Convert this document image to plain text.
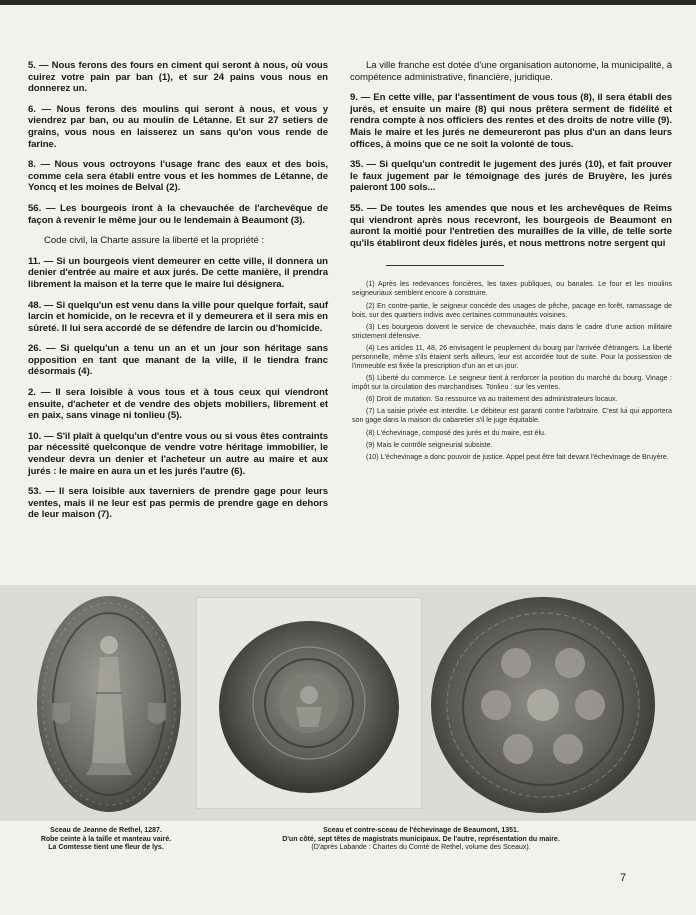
5. — Nous ferons des fours en ciment qui seront à nous, où vous cuirez votre pain par ban (1), et sur 24 pains vous nous en donnerez un.

6. — Nous ferons des moulins qui seront à nous, et vous y viendrez par ban, ou au moulin de Létanne. Et sur 27 setiers de grains, vous nous en laisserez un sans qu'on vous rende de farine.

8. — Nous vous octroyons l'usage franc des eaux et des bois, comme cela sera établi entre vous et les hommes de Létanne, de Yoncq et les moines de Belval (2).

56. — Les bourgeois iront à la chevauchée de l'archevêque de façon à revenir le même jour ou le lendemain à Beaumont (3).

Code civil, la Charte assure la liberté et la propriété :

11. — Si un bourgeois vient demeurer en cette ville, il donnera un denier d'entrée au maire et aux jurés. De cette manière, il prendra librement la maison et la terre que le maire lui désignera.

48. — Si quelqu'un est venu dans la ville pour quelque forfait, sauf larcin et homicide, on le recevra et il y demeurera et il sera mis en sûreté. Il lui sera accordé de se défendre de larcin ou d'homicide.

26. — Si quelqu'un a tenu un an et un jour son héritage sans opposition en tant que manant de la ville, il le tiendra franc désormais (4).

2. — Il sera loisible à vous tous et à tous ceux qui viendront ensuite, d'acheter et de vendre des objets mobiliers, librement et en paix, sans vinage ni tonlieu (5).

10. — S'il plaît à quelqu'un d'entre vous ou si vous êtes contraints par nécessité quelconque de vendre votre héritage immobilier, le vendeur devra un denier et l'acheteur un autre au maire et aux jurés : le maire en aura un et les jurés l'autre (6).

53. — Il sera loisible aux taverniers de prendre gage pour leurs ventes, mais il ne leur est pas permis de prendre gage en dehors de leur maison (7).

La ville franche est dotée d'une organisation autonome, la municipalité, à compétence administrative, financière, juridique.

9. — En cette ville, par l'assentiment de vous tous (8), il sera établi des jurés, et ensuite un maire (8) qui nous prêtera serment de fidélité et rendra compte à nos officiers des rentes et des droits de notre ville (9). Mais le maire et les jurés ne demeureront pas plus d'un an dans leurs offices, à moins que ce ne soit la volonté de tous.

35. — Si quelqu'un contredit le jugement des jurés (10), et fait prouver le faux jugement par le témoignage des jurés de Bruyère, les jurés paieront 100 sols...

55. — De toutes les amendes que nous et les archevêques de Reims qui viendront après nous recevront, les bourgeois de Beaumont en auront la moitié pour l'entretien des murailles de la ville, de telle sorte qu'ils établiront deux fidèles jurés, et nous mettrons notre sergent qui

(1) Après les redevances foncières, les taxes publiques, ou banales. Le four et les moulins seigneuriaux semblent encore à construire.

(2) En contre-partie, le seigneur concède des usages de pêche, pacage en forêt, ramassage de bois, sur des quartiers indivis avec certaines communautés voisines.

(3) Les bourgeois doivent le service de chevauchée, mais dans le cadre d'une action militaire strictement défensive.

(4) Les articles 11, 48, 26 envisagent le peuplement du bourg par l'arrivée d'étrangers. La liberté personnelle, même s'ils étaient serfs ailleurs, leur est accordée tout de suite. Pour la possession de l'immeuble est fixée la prescription d'un an et un jour.

(5) Liberté du commerce. Le seigneur tient à renforcer la position du marché du bourg. Vinage : impôt sur la circulation des marchandises. Tonlieu : sur les ventes.

(6) Droit de mutation. Sa ressource va au traitement des administrateurs locaux.

(7) La saisie privée est interdite. Le débiteur est garanti contre l'arbitraire. C'est lui qui apportera son gage dans la maison du cabaretier s'il le juge équitable.

(8) L'échevinage, composé des jurés et du maire, est élu.

(9) Mais le contrôle seigneurial subsiste.

(10) L'échevinage a donc pouvoir de justice. Appel peut être fait devant l'échevinage de Bruyère.

Sceau de Jeanne de Rethel, 1287.
Robe ceinte à la taille et manteau vairé.
La Comtesse tient une fleur de lys.
Sceau et contre-sceau de l'échevinage de Beaumont, 1351.
D'un côté, sept têtes de magistrats municipaux. De l'autre, représentation du maire.
(D'après Labande : Chartes du Comté de Rethel, volume des Sceaux).
7
